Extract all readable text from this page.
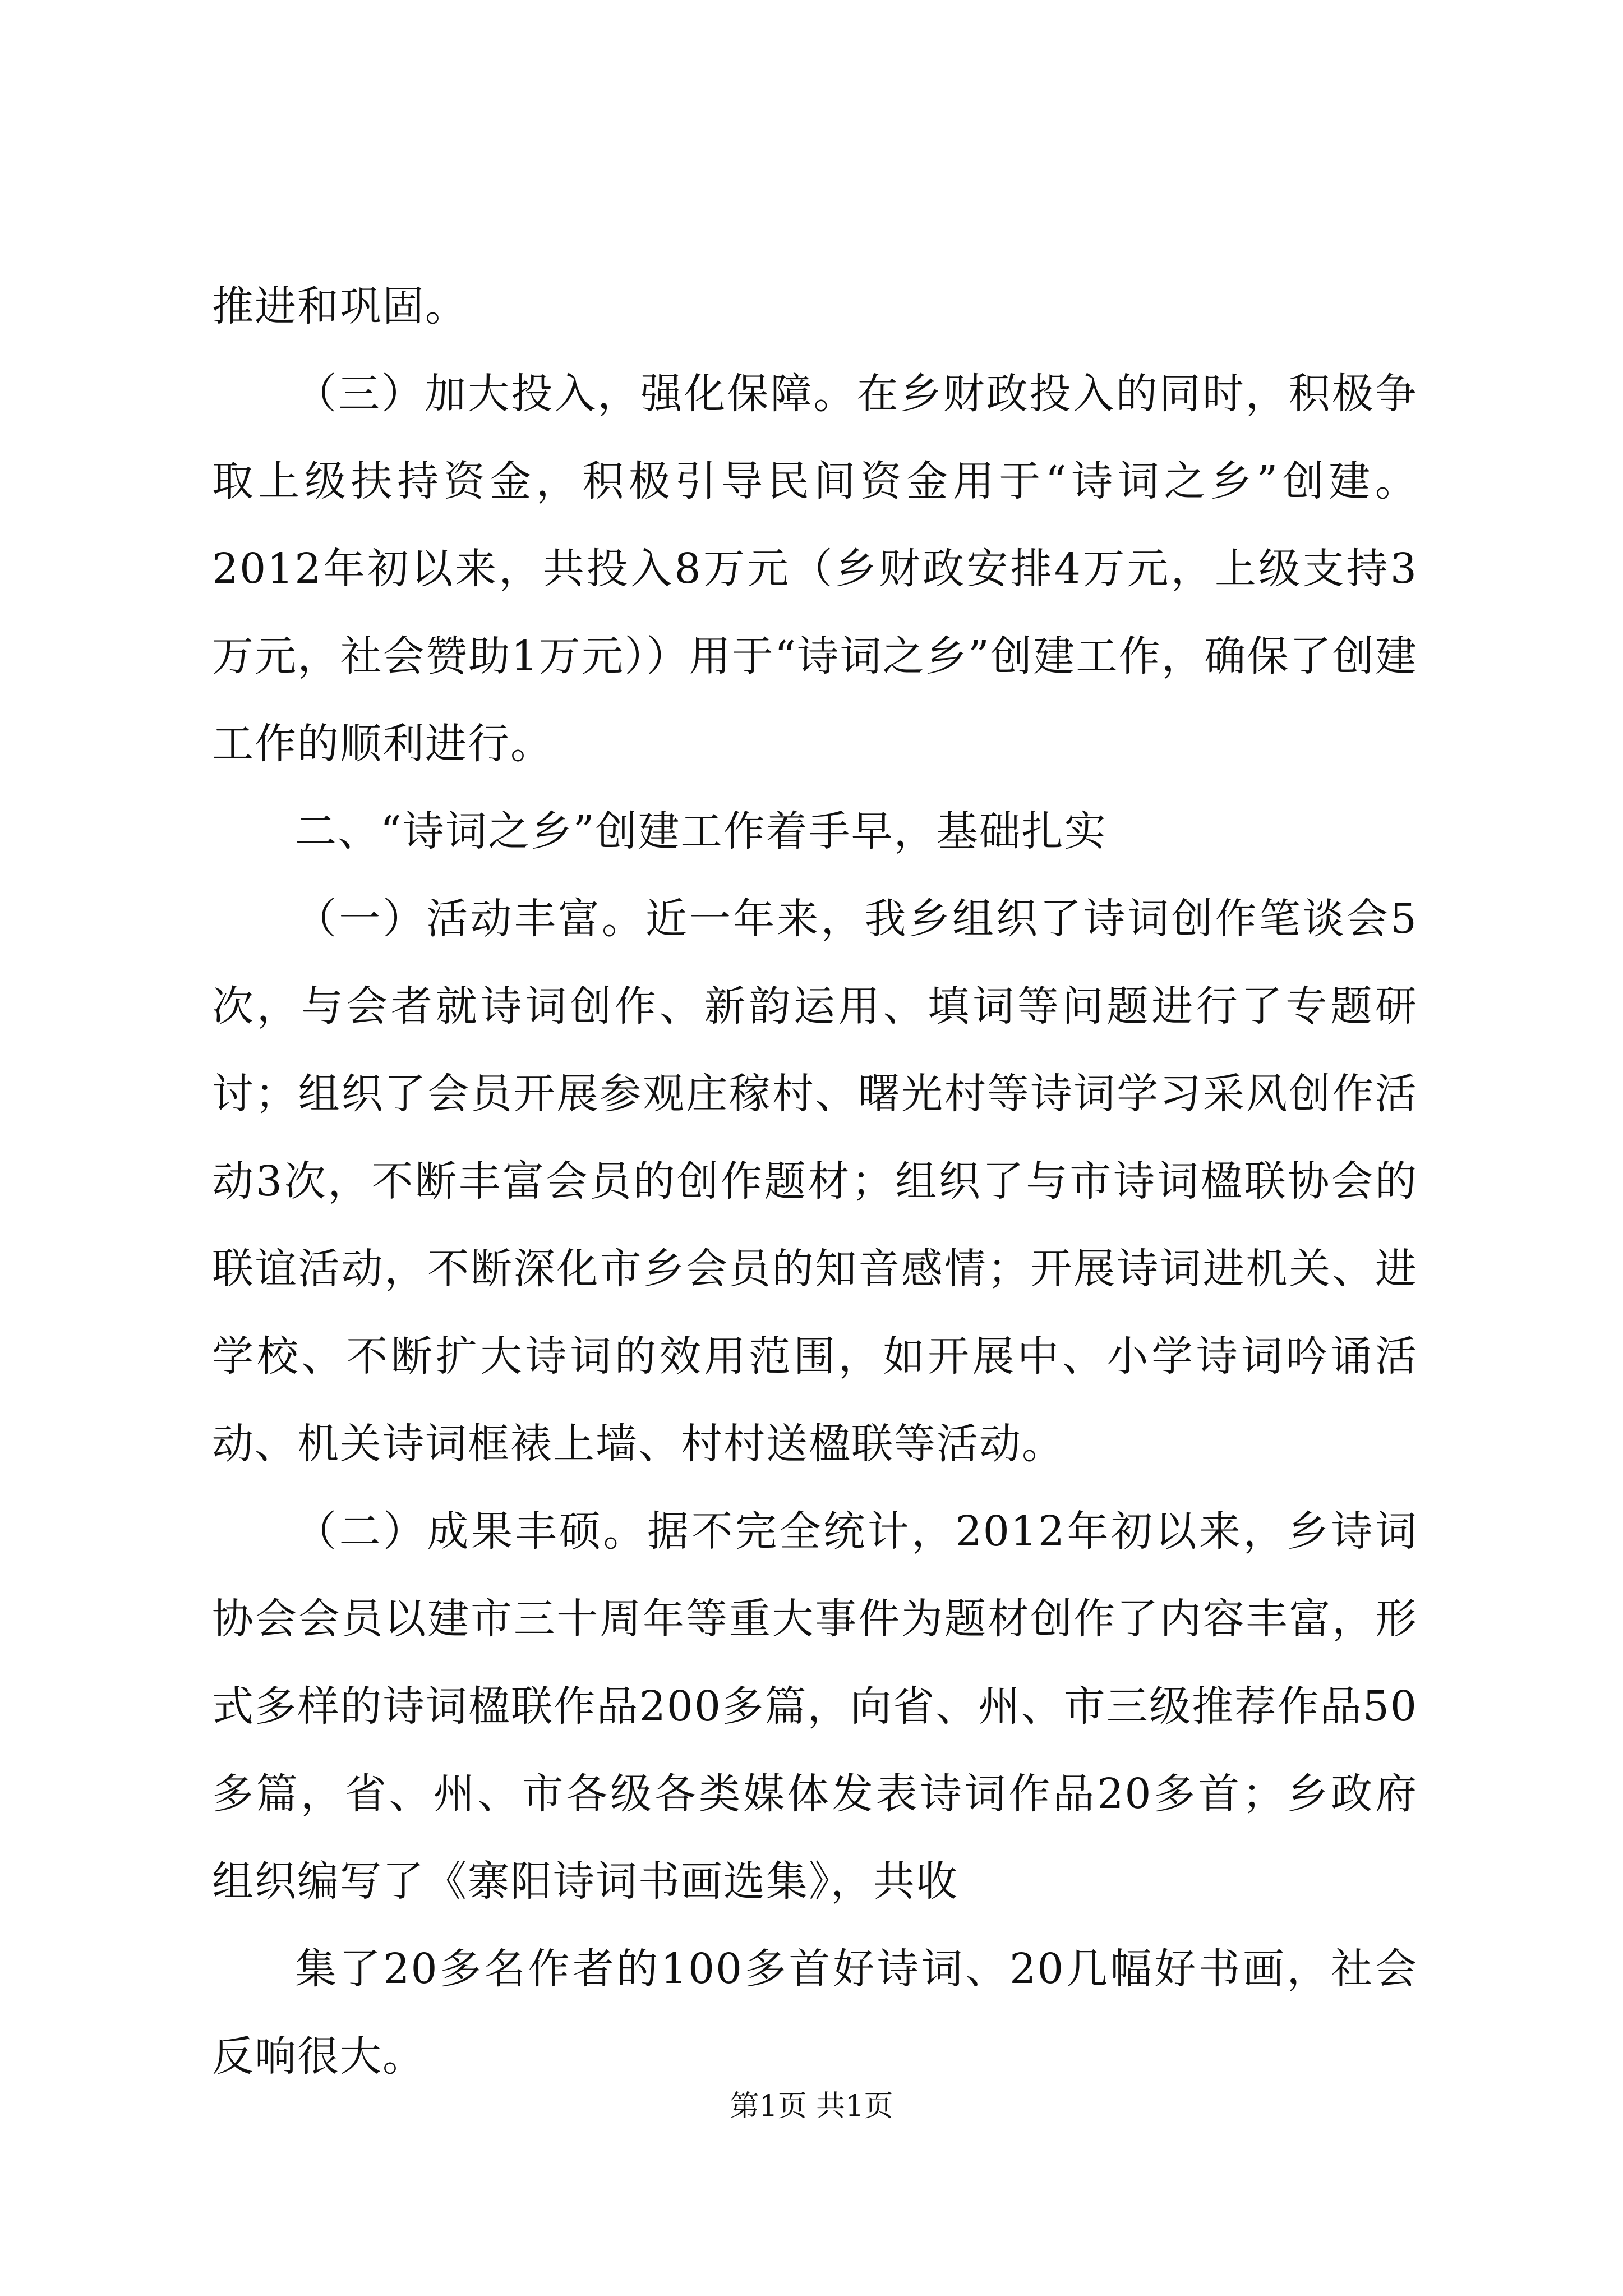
推进和巩固。

（三）加大投入，强化保障。在乡财政投入的同时，积极争取上级扶持资金，积极引导民间资金用于“诗词之乡”创建。2012年初以来，共投入8万元（乡财政安排4万元，上级支持3万元，社会赞助1万元））用于“诗词之乡”创建工作，确保了创建工作的顺利进行。

二、“诗词之乡”创建工作着手早，基础扎实

（一）活动丰富。近一年来，我乡组织了诗词创作笔谈会5次，与会者就诗词创作、新韵运用、填词等问题进行了专题研讨；组织了会员开展参观庄稼村、曙光村等诗词学习采风创作活动3次，不断丰富会员的创作题材；组织了与市诗词楹联协会的联谊活动，不断深化市乡会员的知音感情；开展诗词进机关、进学校、不断扩大诗词的效用范围，如开展中、小学诗词吟诵活动、机关诗词框裱上墙、村村送楹联等活动。

（二）成果丰硕。据不完全统计，2012年初以来，乡诗词协会会员以建市三十周年等重大事件为题材创作了内容丰富，形式多样的诗词楹联作品200多篇，向省、州、市三级推荐作品50多篇，省、州、市各级各类媒体发表诗词作品20多首；乡政府组织编写了《寨阳诗词书画选集》，共收

集了20多名作者的100多首好诗词、20几幅好书画，社会反响很大。

第1页 共1页
